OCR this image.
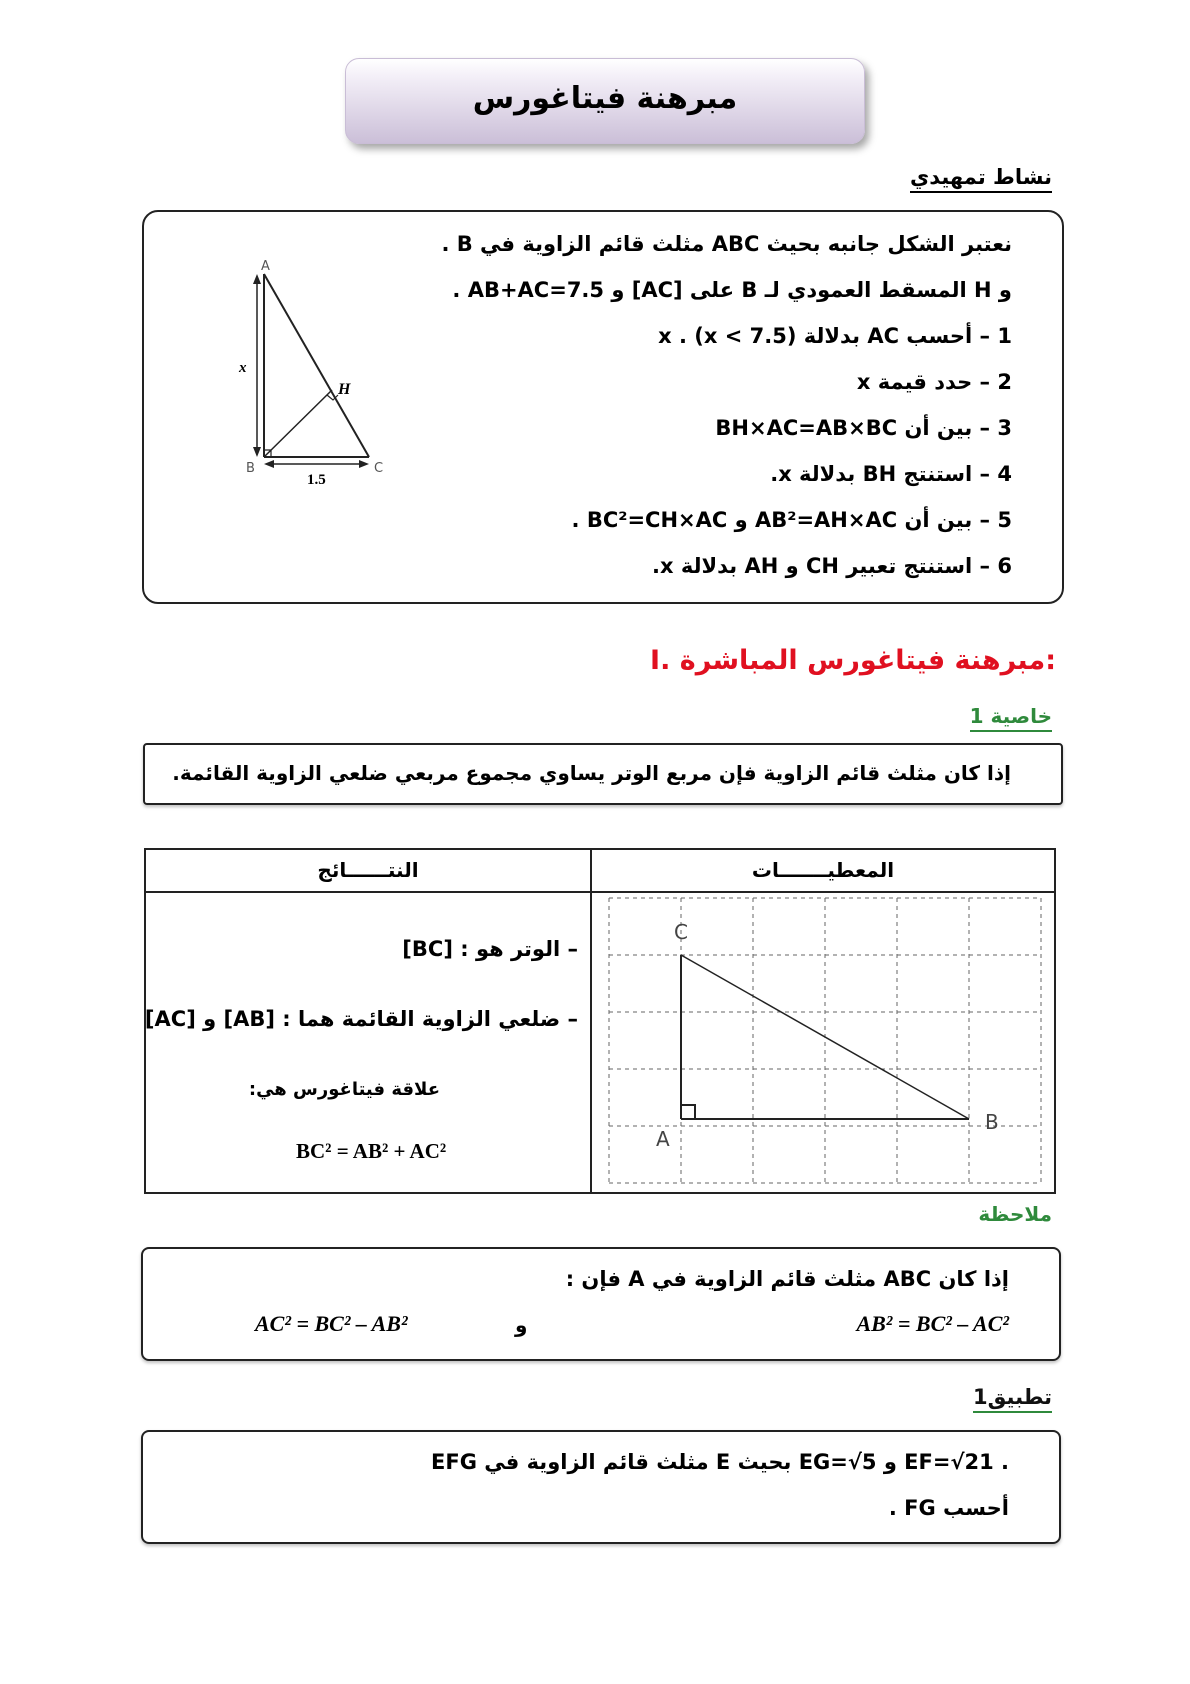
مبرهنة فيتاغورس
نشاط تمهيدي
A
B	C
H
x
1.5
نعتبر الشكل جانبه بحيث ABC مثلث قائم الزاوية في B .
و H المسقط العمودي لـ B على [AC] و AB+AC=7.5 .
1 – أحسب AC بدلالة x . (x < 7.5)
2 – حدد قيمة x
3 – بين أن BH×AC=AB×BC
4 – استنتج BH بدلالة x.
5 – بين أن AB²=AH×AC و BC²=CH×AC .
6 – استنتج تعبير CH و AH بدلالة x.
I. مبرهنة فيتاغورس المباشرة:
خاصية 1
إذا كان مثلث قائم الزاوية فإن مربع الوتر يساوي مجموع مربعي ضلعي الزاوية القائمة.
النتــــــائج	المعطيـــــــات
– الوتر هو : [BC]
– ضلعي الزاوية القائمة هما : [AB] و [AC]
علاقة فيتاغورس هي:
BC² = AB² + AC²
C
A
B
ملاحظة
إذا كان ABC مثلث قائم الزاوية في A فإن :
AB² = BC² – AC²
و
AC² = BC² – AB²
تطبيق1
EFG مثلث قائم الزاوية في E بحيث EG=√5 و EF=√21 .
أحسب FG .
